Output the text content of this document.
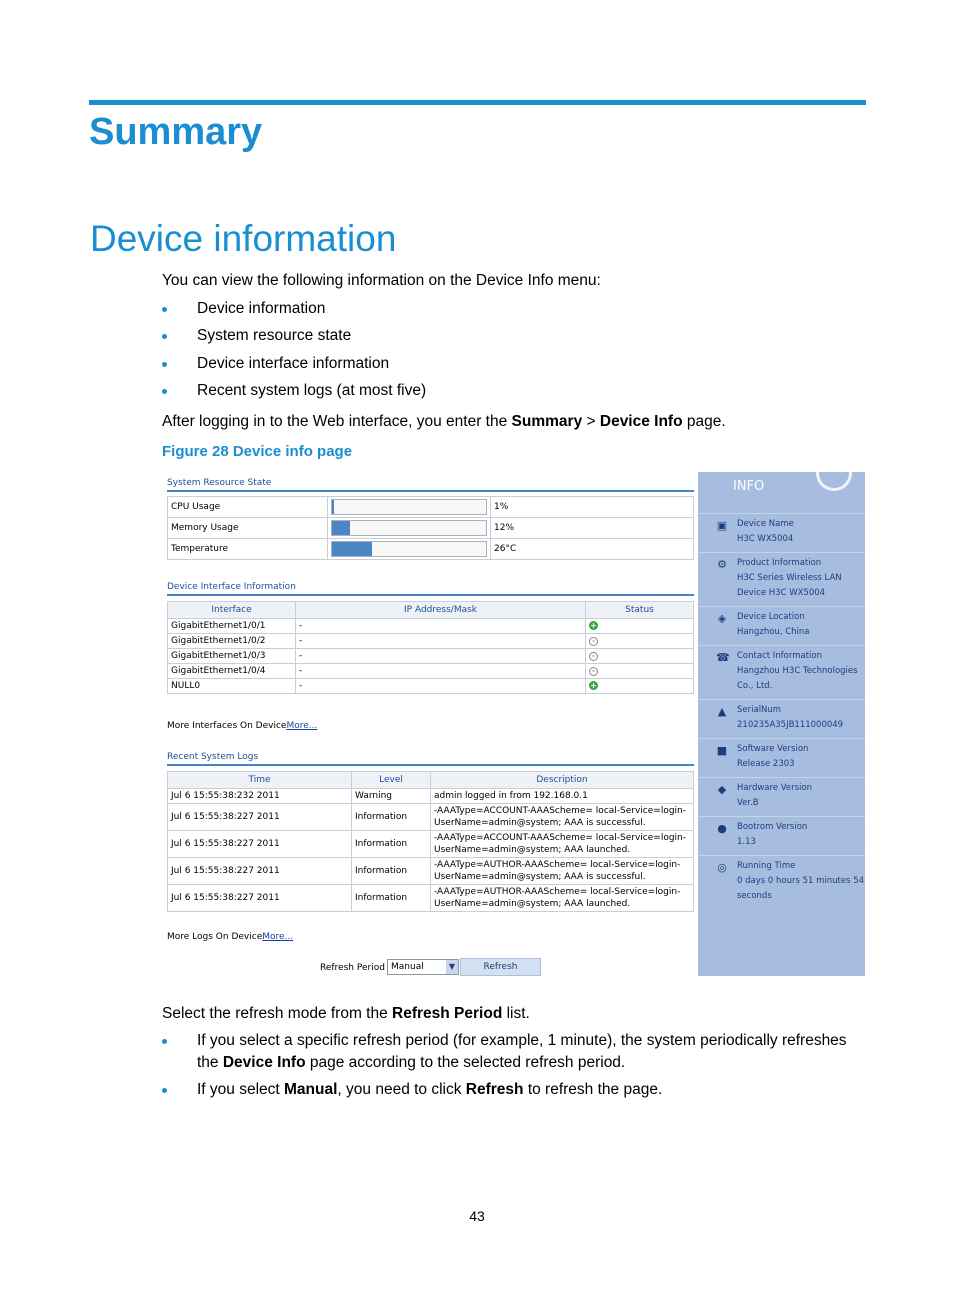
Summary
Device information
You can view the following information on the Device Info menu:
Device information
System resource state
Device interface information
Recent system logs (at most five)
After logging in to the Web interface, you enter the Summary > Device Info page.
Figure 28 Device info page
System Resource State
CPU Usage		1%
Memory Usage		12%
Temperature		26°C
Device Interface Information
Interface	IP Address/Mask	Status
GigabitEthernet1/0/1	-	+
GigabitEthernet1/0/2	-	-
GigabitEthernet1/0/3	-	-
GigabitEthernet1/0/4	-	-
NULL0	-	+
More Interfaces On DeviceMore...
Recent System Logs
Time	Level	Description
Jul 6 15:55:38:232 2011	Warning	admin logged in from 192.168.0.1

Jul 6 15:55:38:227 2011	Information	-AAAType=ACCOUNT-AAAScheme= local-Service=login-
UserName=admin@system; AAA is successful.

Jul 6 15:55:38:227 2011	Information	-AAAType=ACCOUNT-AAAScheme= local-Service=login-
UserName=admin@system; AAA launched.

Jul 6 15:55:38:227 2011	Information	-AAAType=AUTHOR-AAAScheme= local-Service=login-
UserName=admin@system; AAA is successful.

Jul 6 15:55:38:227 2011	Information	-AAAType=AUTHOR-AAAScheme= local-Service=login-
UserName=admin@system; AAA launched.
More Logs On DeviceMore...
Refresh Period Manual	▼	Refresh
INFO
▣ Device Name
H3C WX5004
⚙ Product Information
H3C Series Wireless LAN
Device H3C WX5004
◈ Device Location
Hangzhou, China
☎ Contact Information
Hangzhou H3C Technologies
Co., Ltd.
▲ SerialNum
210235A35JB111000049
■ Software Version
Release 2303
◆ Hardware Version
Ver.B
● Bootrom Version
1.13
◎ Running Time
0 days 0 hours 51 minutes 54
seconds
Select the refresh mode from the Refresh Period list.
If you select a specific refresh period (for example, 1 minute), the system periodically refreshes the Device Info page according to the selected refresh period.
If you select Manual, you need to click Refresh to refresh the page.
43
